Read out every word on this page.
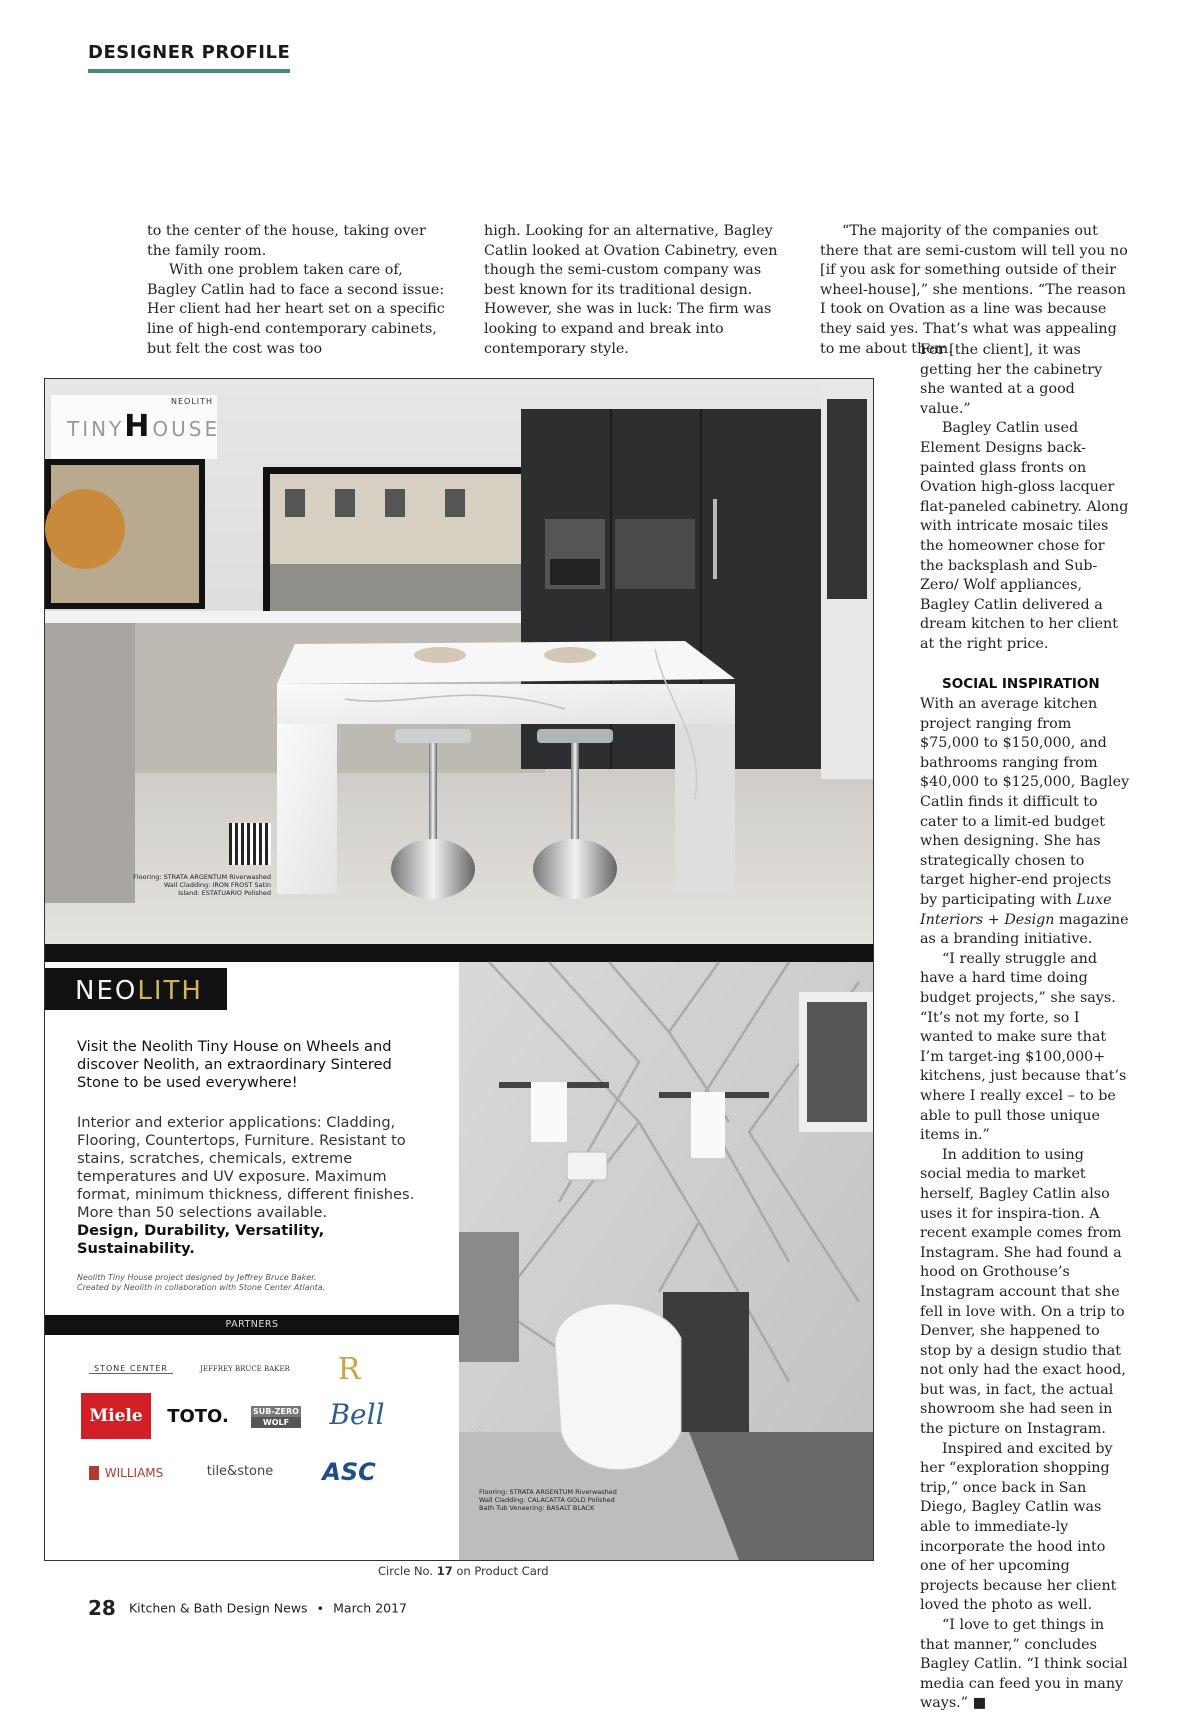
DESIGNER PROFILE

to the center of the house, taking over the family room.

With one problem taken care of, Bagley Catlin had to face a second issue: Her client had her heart set on a specific line of high-end contemporary cabinets, but felt the cost was too

high. Looking for an alternative, Bagley Catlin looked at Ovation Cabinetry, even though the semi-custom company was best known for its traditional design. However, she was in luck: The firm was looking to expand and break into contemporary style.

“The majority of the companies out there that are semi-custom will tell you no [if you ask for something outside of their wheel-house],” she mentions. “The reason I took on Ovation as a line was because they said yes. That’s what was appealing to me about them.

For [the client], it was getting her the cabinetry she wanted at a good value.”

Bagley Catlin used Element Designs back-painted glass fronts on Ovation high-gloss lacquer flat-paneled cabinetry. Along with intricate mosaic tiles the homeowner chose for the backsplash and Sub-Zero/ Wolf appliances, Bagley Catlin delivered a dream kitchen to her client at the right price.

SOCIAL INSPIRATION

With an average kitchen project ranging from $75,000 to $150,000, and bathrooms ranging from $40,000 to $125,000, Bagley Catlin finds it difficult to cater to a limit-ed budget when designing. She has strategically chosen to target higher-end projects by participating with Luxe Interiors + Design magazine as a branding initiative.

“I really struggle and have a hard time doing budget projects,” she says. “It’s not my forte, so I wanted to make sure that I’m target-ing $100,000+ kitchens, just because that’s where I really excel – to be able to pull those unique items in.”

In addition to using social media to market herself, Bagley Catlin also uses it for inspira-tion. A recent example comes from Instagram. She had found a hood on Grothouse’s Instagram account that she fell in love with. On a trip to Denver, she happened to stop by a design studio that not only had the exact hood, but was, in fact, the actual showroom she had seen in the picture on Instagram.

Inspired and excited by her “exploration shopping trip,” once back in San Diego, Bagley Catlin was able to immediate-ly incorporate the hood into one of her upcoming projects because her client loved the photo as well.

“I love to get things in that manner,” concludes Bagley Catlin. “I think social media can feed you in many ways.” ■

TINYHOUSE
NEOLITH
Flooring: STRATA ARGENTUM Riverwashed
Wall Cladding: IRON FROST Satin
Island: ESTATUARIO Polished
NEOLITH
Visit the Neolith Tiny House on Wheels and discover Neolith, an extraordinary Sintered Stone to be used everywhere!
Interior and exterior applications: Cladding, Flooring, Countertops, Furniture. Resistant to stains, scratches, chemicals, extreme temperatures and UV exposure. Maximum format, minimum thickness, different finishes. More than 50 selections available.
Design, Durability, Versatility, Sustainability.
Neolith Tiny House project designed by Jeffrey Bruce Baker.
Created by Neolith in collaboration with Stone Center Atlanta.
PARTNERS
STONE CENTER	JEFFREY BRUCE BAKER R
Miele	TOTO.	SUB-ZERO
WOLF	Bell
WILLIAMS	tile&stone	ASC
Flooring: STRATA ARGENTUM Riverwashed
Wall Cladding: CALACATTA GOLD Polished
Bath Tub Veneering: BASALT BLACK
Circle No. 17 on Product Card
28 Kitchen & Bath Design News • March 2017
